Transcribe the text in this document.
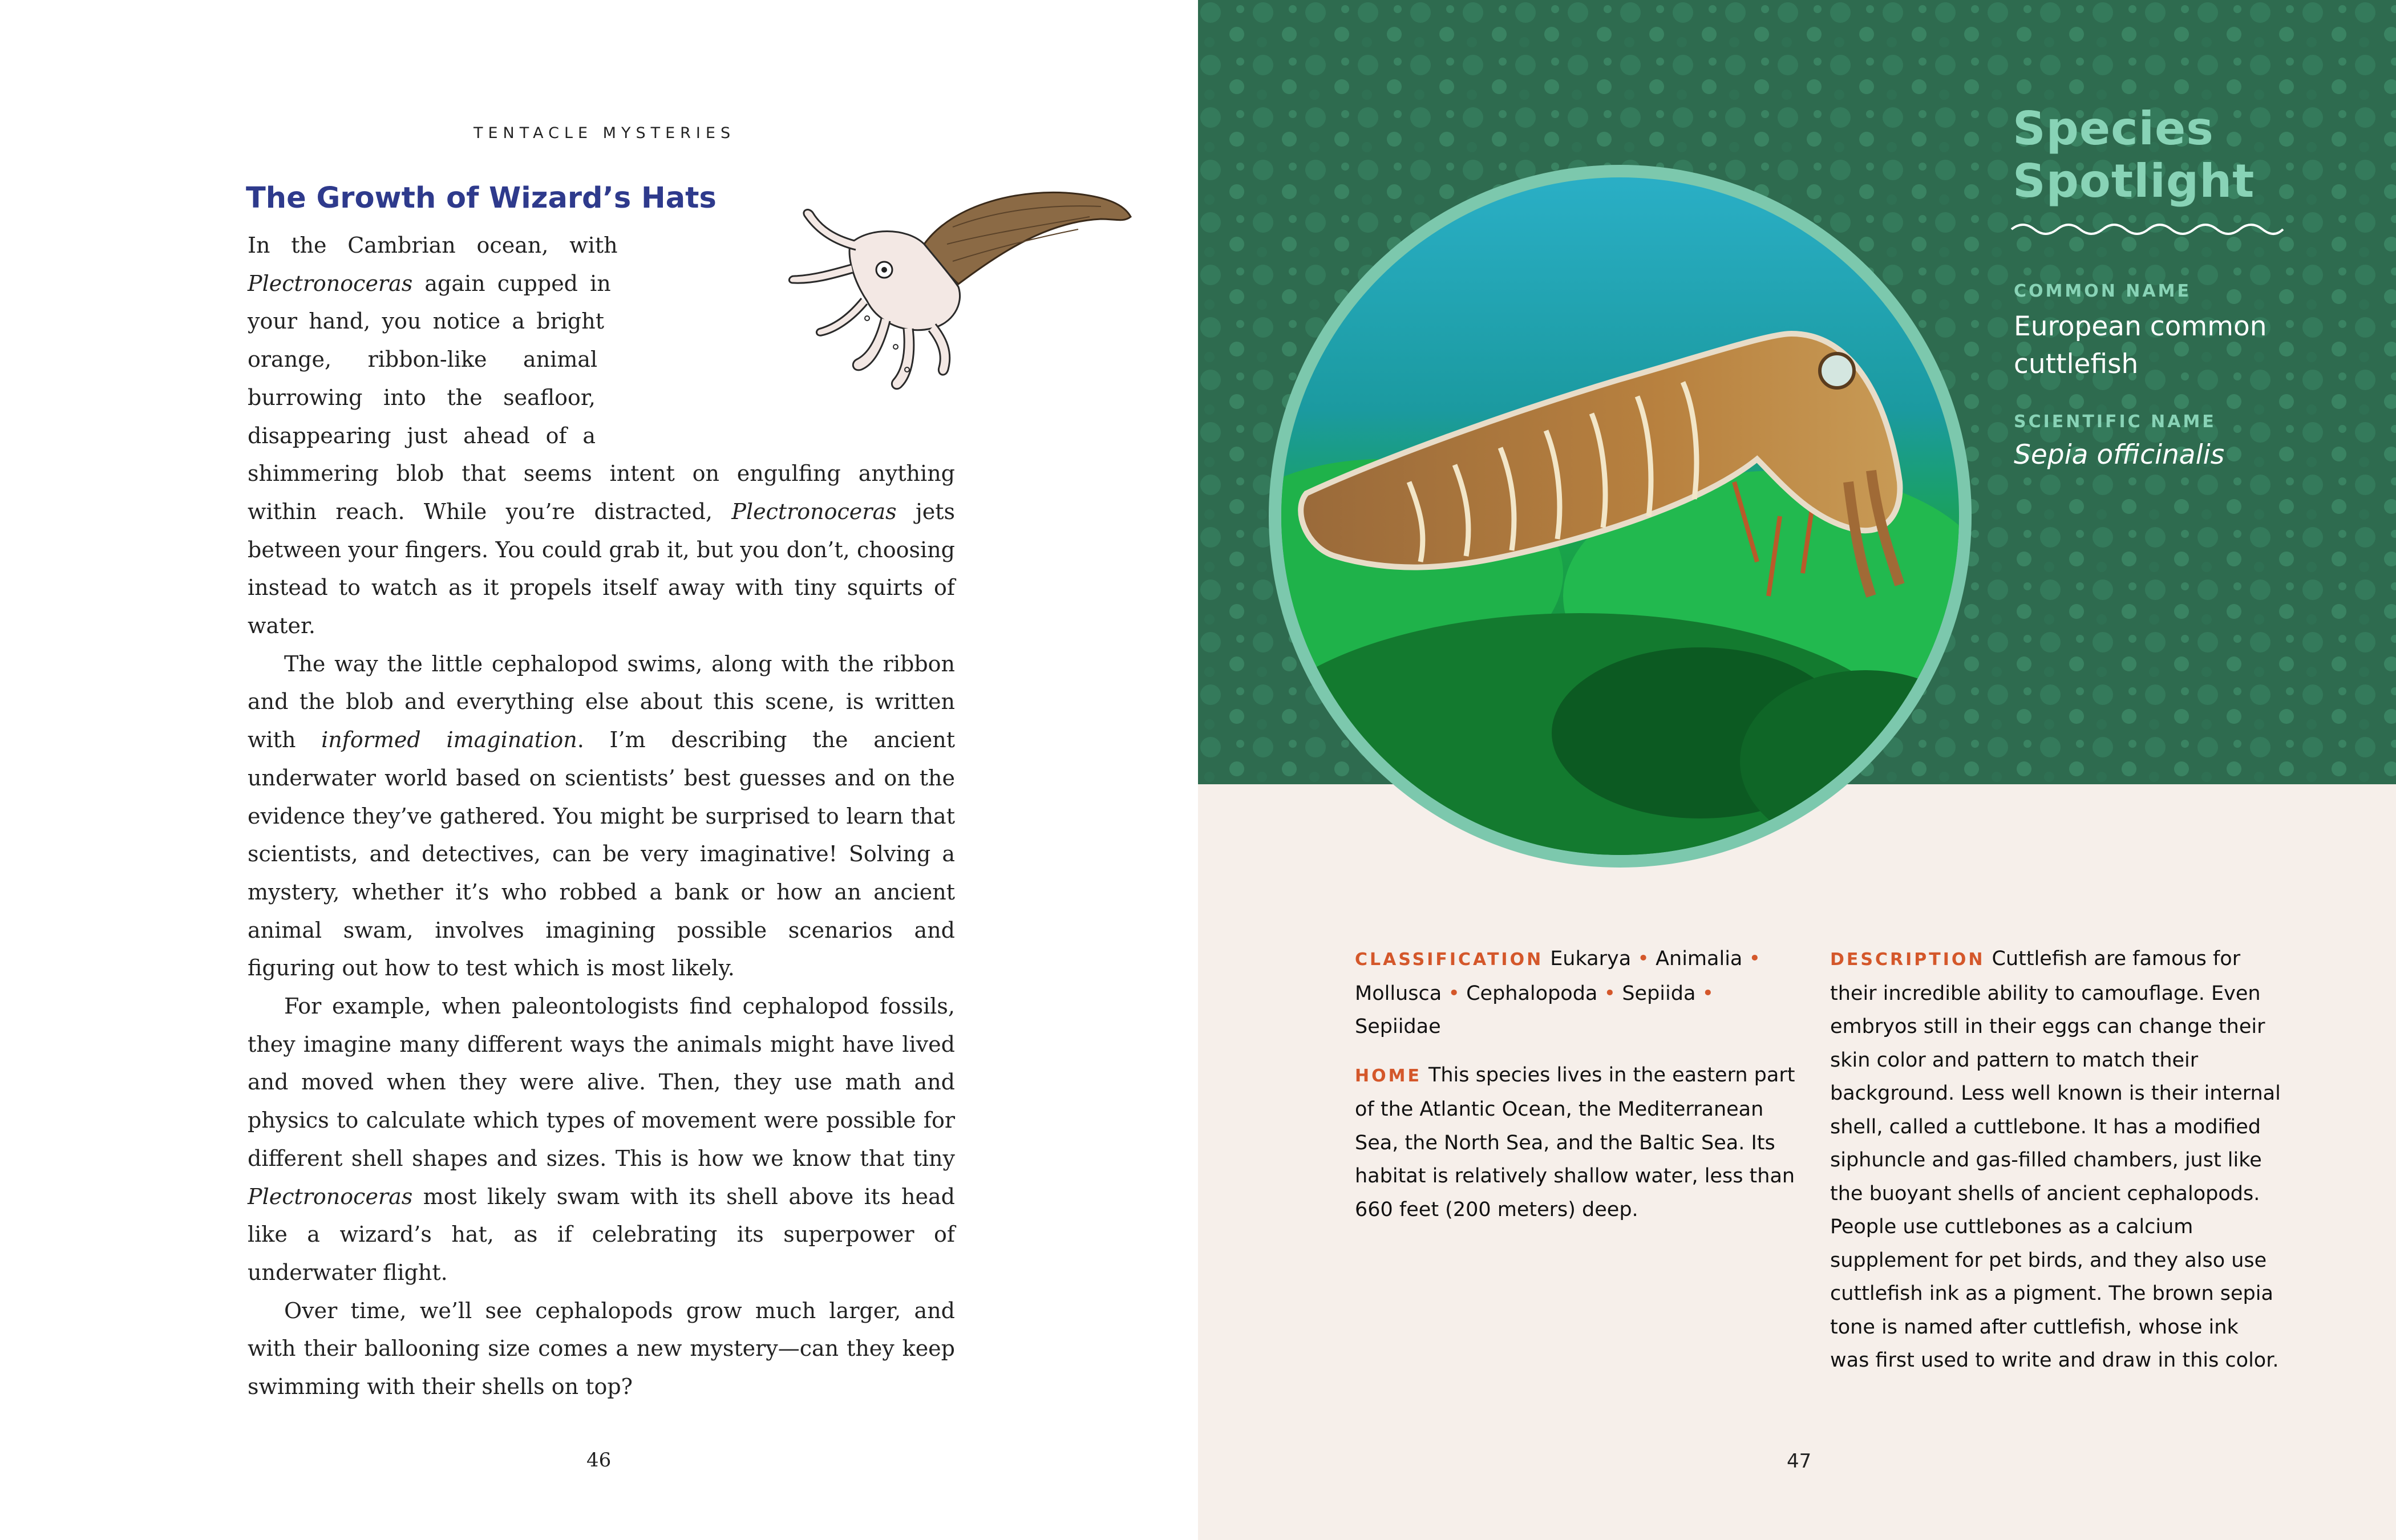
TENTACLE MYSTERIES
The Growth of Wizard’s Hats

In the Cambrian ocean, with Plectronoceras again cupped in your hand, you notice a bright orange, ribbon-like animal burrowing into the seafloor, disappearing just ahead of a shimmering blob that seems intent on engulfing anything within reach. While you’re distracted, Plectronoceras jets between your fingers. You could grab it, but you don’t, choosing instead to watch as it propels itself away with tiny squirts of water.

The way the little cephalopod swims, along with the ribbon and the blob and everything else about this scene, is written with informed imagination. I’m describing the ancient underwater world based on scientists’ best guesses and on the evidence they’ve gathered. You might be surprised to learn that scientists, and detectives, can be very imaginative! Solving a mystery, whether it’s who robbed a bank or how an ancient animal swam, involves imagining possible scenarios and figuring out how to test which is most likely.

For example, when paleontologists find cephalopod fossils, they imagine many different ways the animals might have lived and moved when they were alive. Then, they use math and physics to calculate which types of movement were possible for different shell shapes and sizes. This is how we know that tiny Plectronoceras most likely swam with its shell above its head like a wizard’s hat, as if celebrating its superpower of underwater flight.

Over time, we’ll see cephalopods grow much larger, and with their ballooning size comes a new mystery—can they keep swimming with their shells on top?

46
Species
Spotlight
COMMON NAME
European common cuttlefish
SCIENTIFIC NAME
Sepia officinalis

CLASSIFICATION Eukarya • Animalia • Mollusca • Cephalopoda • Sepiida • Sepiidae

HOME This species lives in the eastern part of the Atlantic Ocean, the Mediterranean Sea, the North Sea, and the Baltic Sea. Its habitat is relatively shallow water, less than 660 feet (200 meters) deep.

DESCRIPTION Cuttlefish are famous for their incredible ability to camouflage. Even embryos still in their eggs can change their skin color and pattern to match their background. Less well known is their internal shell, called a cuttlebone. It has a modified siphuncle and gas-filled chambers, just like the buoyant shells of ancient cephalopods. People use cuttlebones as a calcium supplement for pet birds, and they also use cuttlefish ink as a pigment. The brown sepia tone is named after cuttlefish, whose ink was first used to write and draw in this color.

47
